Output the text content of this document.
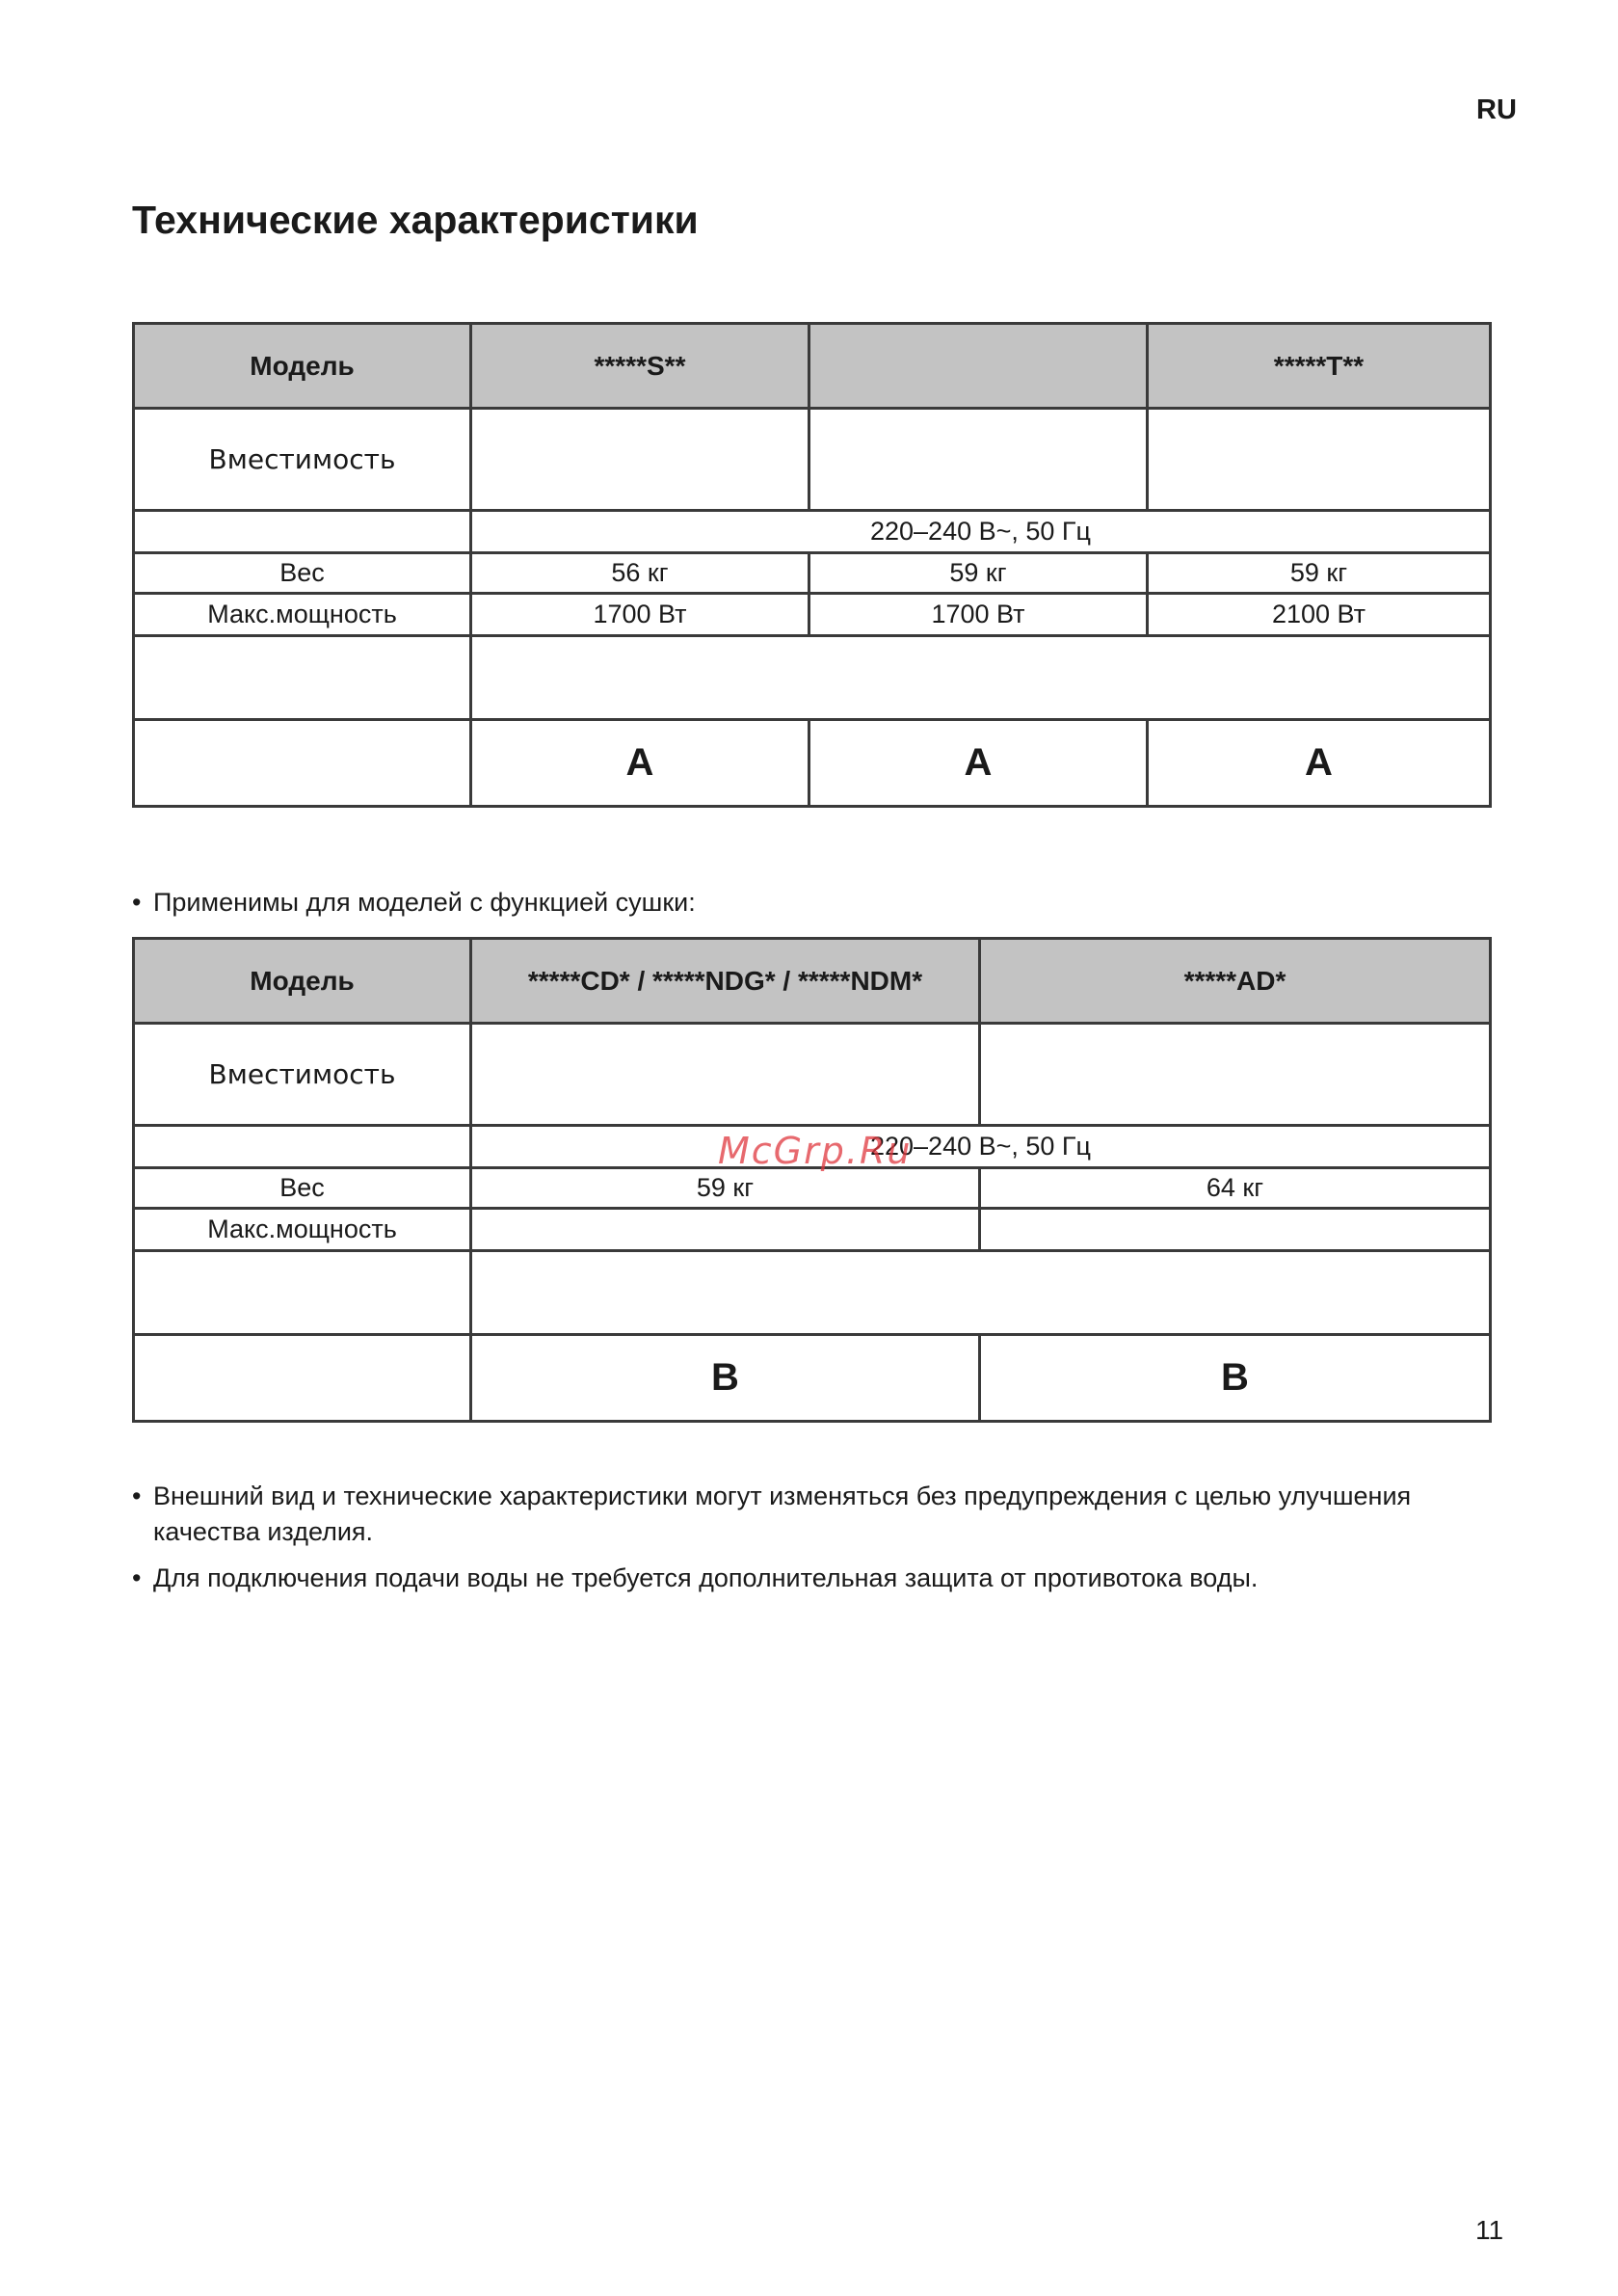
RU
Технические характеристики
Модель	*****S**		*****T**
Вместимость			
	220–240 В~, 50 Гц		
Вес	56 кг	59 кг	59 кг
Макс.мощность	1700 Вт	1700 Вт	2100 Вт

	A	A	A
• Применимы для моделей с функцией сушки:
Модель	*****CD* / *****NDG* / *****NDM*	*****AD*
Вместимость		
	220–240 В~, 50 Гц	
Вес	59 кг	64 кг
Макс.мощность		

	B	B
McGrp.Ru
• Внешний вид и технические характеристики могут изменяться без предупреждения с целью улучшения
качества изделия.
• Для подключения подачи воды не требуется дополнительная защита от противотока воды.
11
